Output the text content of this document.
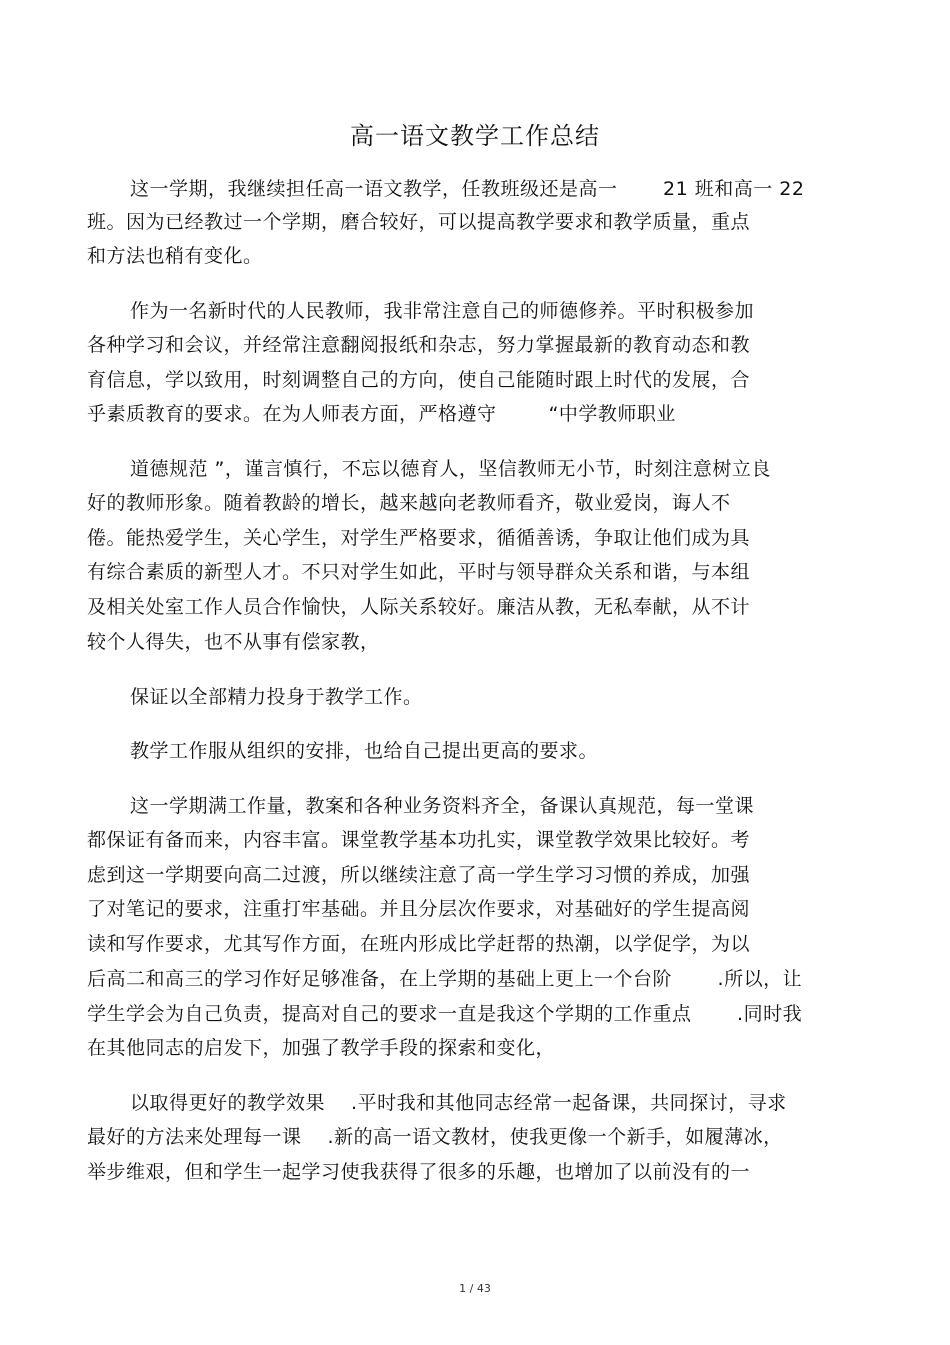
高一语文教学工作总结
这一学期，我继续担任高一语文教学，任教班级还是高一 　　21 班和高一 22
班。因为已经教过一个学期，磨合较好，可以提高教学要求和教学质量，重点
和方法也稍有变化。
作为一名新时代的人民教师，我非常注意自己的师德修养。平时积极参加
各种学习和会议，并经常注意翻阅报纸和杂志，努力掌握最新的教育动态和教
育信息，学以致用，时刻调整自己的方向，使自己能随时跟上时代的发展，合
乎素质教育的要求。在为人师表方面，严格遵守 　　 “中学教师职业
道德规范 ”，谨言慎行，不忘以德育人，坚信教师无小节，时刻注意树立良
好的教师形象。随着教龄的增长，越来越向老教师看齐，敬业爱岗，诲人不
倦。能热爱学生，关心学生，对学生严格要求，循循善诱，争取让他们成为具
有综合素质的新型人才。不只对学生如此，平时与领导群众关系和谐，与本组
及相关处室工作人员合作愉快，人际关系较好。廉洁从教，无私奉献，从不计
较个人得失，也不从事有偿家教，
保证以全部精力投身于教学工作。
教学工作服从组织的安排，也给自己提出更高的要求。
这一学期满工作量，教案和各种业务资料齐全，备课认真规范，每一堂课
都保证有备而来，内容丰富。课堂教学基本功扎实，课堂教学效果比较好。考
虑到这一学期要向高二过渡，所以继续注意了高一学生学习习惯的养成，加强
了对笔记的要求，注重打牢基础。并且分层次作要求，对基础好的学生提高阅
读和写作要求，尤其写作方面，在班内形成比学赶帮的热潮，以学促学，为以
后高二和高三的学习作好足够准备，在上学期的基础上更上一个台阶 　　.所以，让
学生学会为自己负责，提高对自己的要求一直是我这个学期的工作重点 　　.同时我
在其他同志的启发下，加强了教学手段的探索和变化，
以取得更好的教学效果 　.平时我和其他同志经常一起备课，共同探讨，寻求
最好的方法来处理每一课 　.新的高一语文教材，使我更像一个新手，如履薄冰，
举步维艰，但和学生一起学习使我获得了很多的乐趣，也增加了以前没有的一
1 / 43
